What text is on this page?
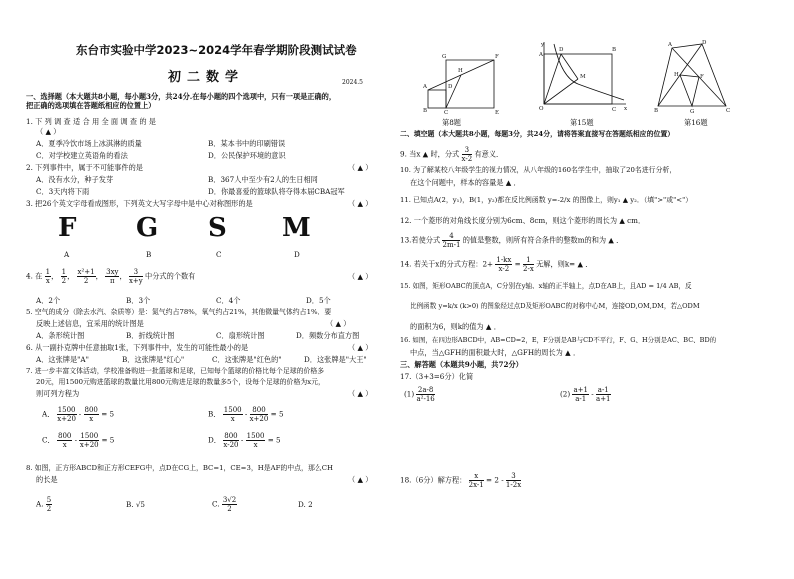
东台市实验中学2023~2024学年春学期阶段测试试卷
初二数学	2024.5
一、选择题（本大题共8小题，每小题3分，共24分.在每小题的四个选项中，只有一项是正确的，
把正确的选项填在答题纸相应的位置上）
1. 下 列 调 查 适 合 用 全 面 调 查 的 是
（ ▲ ）
A．夏季冷饮市场上冰淇淋的质量	B．某本书中的印刷错误
C．对学校建立英语角的看法	D．公民保护环境的意识
2. 下列事件中，属于不可能事件的是	（ ▲ ）
A．没有水分，种子发芽	B．367人中至少有2人的生日相同
C．3天内将下雨	D．你最喜爱的篮球队将夺得本届CBA冠军
3. 把26个英文字母看成图形，下列英文大写字母中是中心对称图形的是	（ ▲ ）
F G S M
A	B	C	D
4. 在 $\frac{1}{x}$ ， $\frac{1}{2}$ ， $\frac{\text{x²+1}}{2}$ ， $\frac{3xy}{\pi}$ ， $\frac{3}{x+y}$ 中分式的个数有	（ ▲ ）
A．2个	B．3个	C．4个	D．5个
5. 空气的成分（除去水汽、杂质等）是：氮气约占78%，氧气约占21%，其他微量气体约占1%．要
反映上述信息，宜采用的统计图是	（ ▲ ）
A．条形统计图	B．折线统计图	C．扇形统计图	D．频数分布直方图
6. 从一副扑克牌中任意抽取1张，下列事件中，发生的可能性最小的是	（ ▲ ）
A．这张牌是"A"	B．这张牌是"红心"	C．这张牌是"红色的"	D．这张牌是"大王"
7. 进一步丰富文体活动，学校准备购进一批篮球和足球，已知每个篮球的价格比每个足球的价格多
20元，用1500元购进篮球的数量比用800元购进足球的数量多5个，设每个足球的价格为x元，
则可列方程为	（ ▲ ）
A． $\frac{1500}{x+20} - \frac{800}{x} = 5$	B． $\frac{1500}{x} - \frac{800}{x+20} = 5$
C． $\frac{800}{x} - \frac{1500}{x+20} = 5$	D． $\frac{800}{x-20} - \frac{1500}{x} = 5$
8. 如图，正方形ABCD和正方形CEFG中，点D在CG上，BC=1，CE=3，H是AF的中点，那么CH
的长是	（ ▲ ）
A. $\frac{5}{2}$	B. √5	C. $\frac{3√2}{2}$	D. 2
A
B	C
D
E
F
G
H
O
y
x
A
D	B
C
M
A	D
B	C
G
F
H
第8题	第15题	第16题
二、填空题（本大题共8小题，每题3分，共24分，请将答案直接写在答题纸相应的位置）
9. 当x ▲ 时，分式 $\frac{3}{x-2}$ 有意义．
10. 为了解某校八年级学生的视力情况，从八年级的160名学生中，抽取了20名进行分析，
在这个问题中，样本的容量是 ▲ ．
11. 已知点A(2，y₁)，B(1，y₂)都在反比例函数 y=-2/x 的图像上，则y₁ ▲ y₂．（填">"或"<"）
12. 一个菱形的对角线长度分别为6cm、8cm，则这个菱形的周长为 ▲ cm．
13.若使分式 $\frac{4}{2m-1}$ 的值是整数，则所有符合条件的整数m的和为 ▲ ．
14. 若关于x的分式方程：$2+ \frac{1-kx}{x-2} = \frac{1}{2-x}$ 无解，则k= ▲ ．
15. 如图，矩形OABC的顶点A，C分别在y轴、x轴的正半轴上，点D在AB上，且AD = 1/4 AB，反
比例函数 y=k/x (k>0) 的图象经过点D及矩形OABC的对称中心M，连接OD,OM,DM，若△ODM
的面积为6，则k的值为 ▲ ．
16. 如图，在四边形ABCD中，AB=CD=2，E，F分别是AB与CD不平行，F、G、H分别是AC、BC、BD的
中点，当△GFH的面积最大时，△GFH的周长为 ▲ ．
三、解答题（本题共9小题，共72分）
17.（3+3=6分）化简
$(1) \frac{2a-8}{\text{a²-16}}$	$(2) \frac{a+1}{a-1} - \frac{a-1}{a+1}$
18.（6分）解方程： $\frac{x}{2x-1} = 2 - \frac{3}{1-2x}$
